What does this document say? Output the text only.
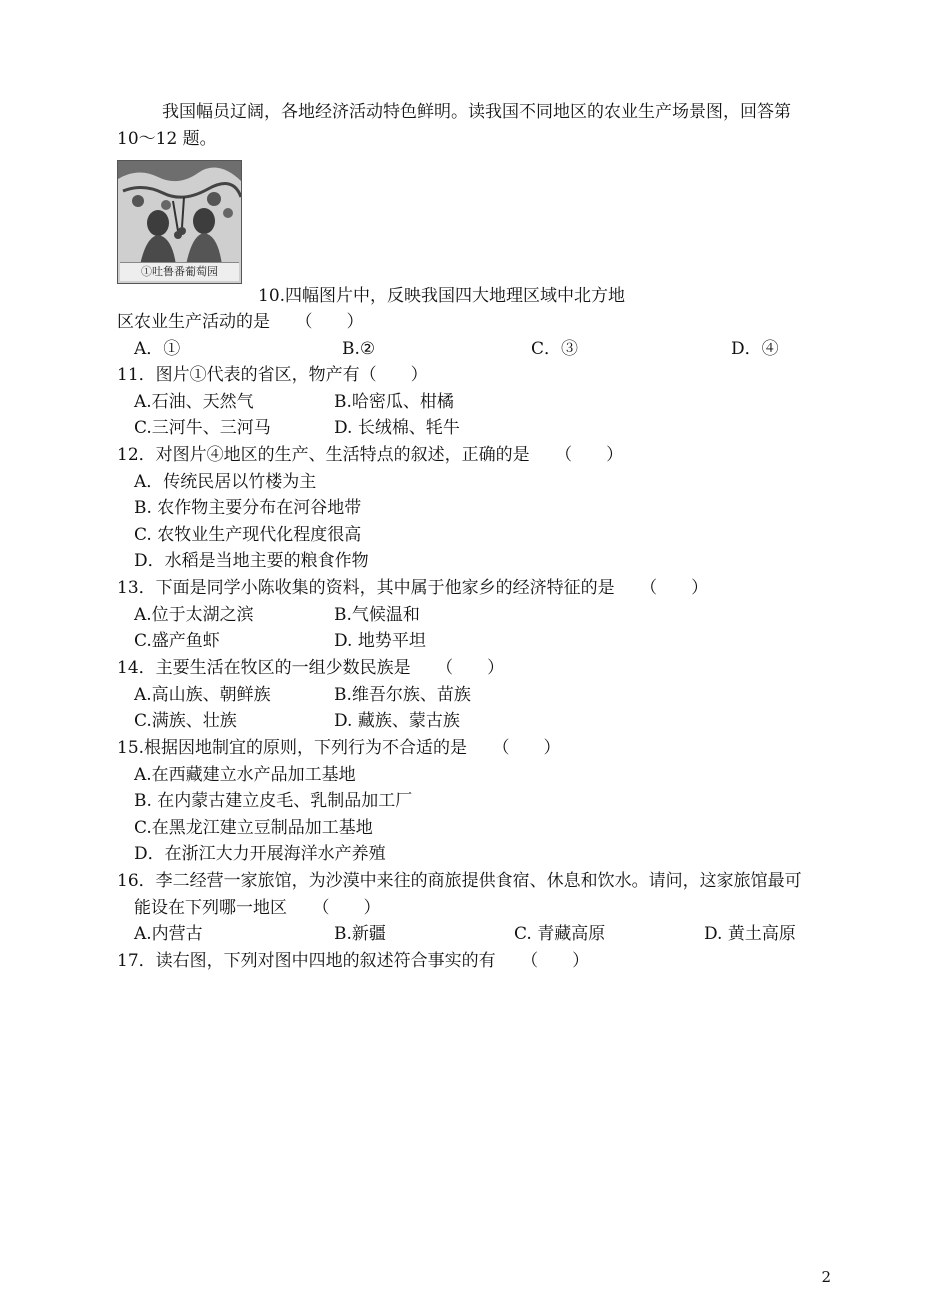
我国幅员辽阔，各地经济活动特色鲜明。读我国不同地区的农业生产场景图，回答第
10～12 题。
①吐鲁番葡萄园
10.四幅图片中，反映我国四大地理区域中北方地
区农业生产活动的是　　（　　）
A．①	B.②	C．③	D．④
11．图片①代表的省区，物产有（　　）
A.石油、天然气	B.哈密瓜、柑橘
C.三河牛、三河马	D. 长绒棉、牦牛
12．对图片④地区的生产、生活特点的叙述，正确的是　　（　　）
A．传统民居以竹楼为主
B. 农作物主要分布在河谷地带
C. 农牧业生产现代化程度很高
D．水稻是当地主要的粮食作物
13．下面是同学小陈收集的资料，其中属于他家乡的经济特征的是　　（　　）
A.位于太湖之滨	B.气候温和
C.盛产鱼虾	D. 地势平坦
14．主要生活在牧区的一组少数民族是　　（　　）
A.高山族、朝鲜族	B.维吾尔族、苗族
C.满族、壮族	D. 藏族、蒙古族
15.根据因地制宜的原则，下列行为不合适的是　　（　　）
A.在西藏建立水产品加工基地
B. 在内蒙古建立皮毛、乳制品加工厂
C.在黑龙江建立豆制品加工基地
D．在浙江大力开展海洋水产养殖
16．李二经营一家旅馆，为沙漠中来往的商旅提供食宿、休息和饮水。请问，这家旅馆最可
能设在下列哪一地区　　（　　）
A.内营古	B.新疆	C. 青藏高原	D. 黄土高原
17．读右图，下列对图中四地的叙述符合事实的有　　（　　）
2
